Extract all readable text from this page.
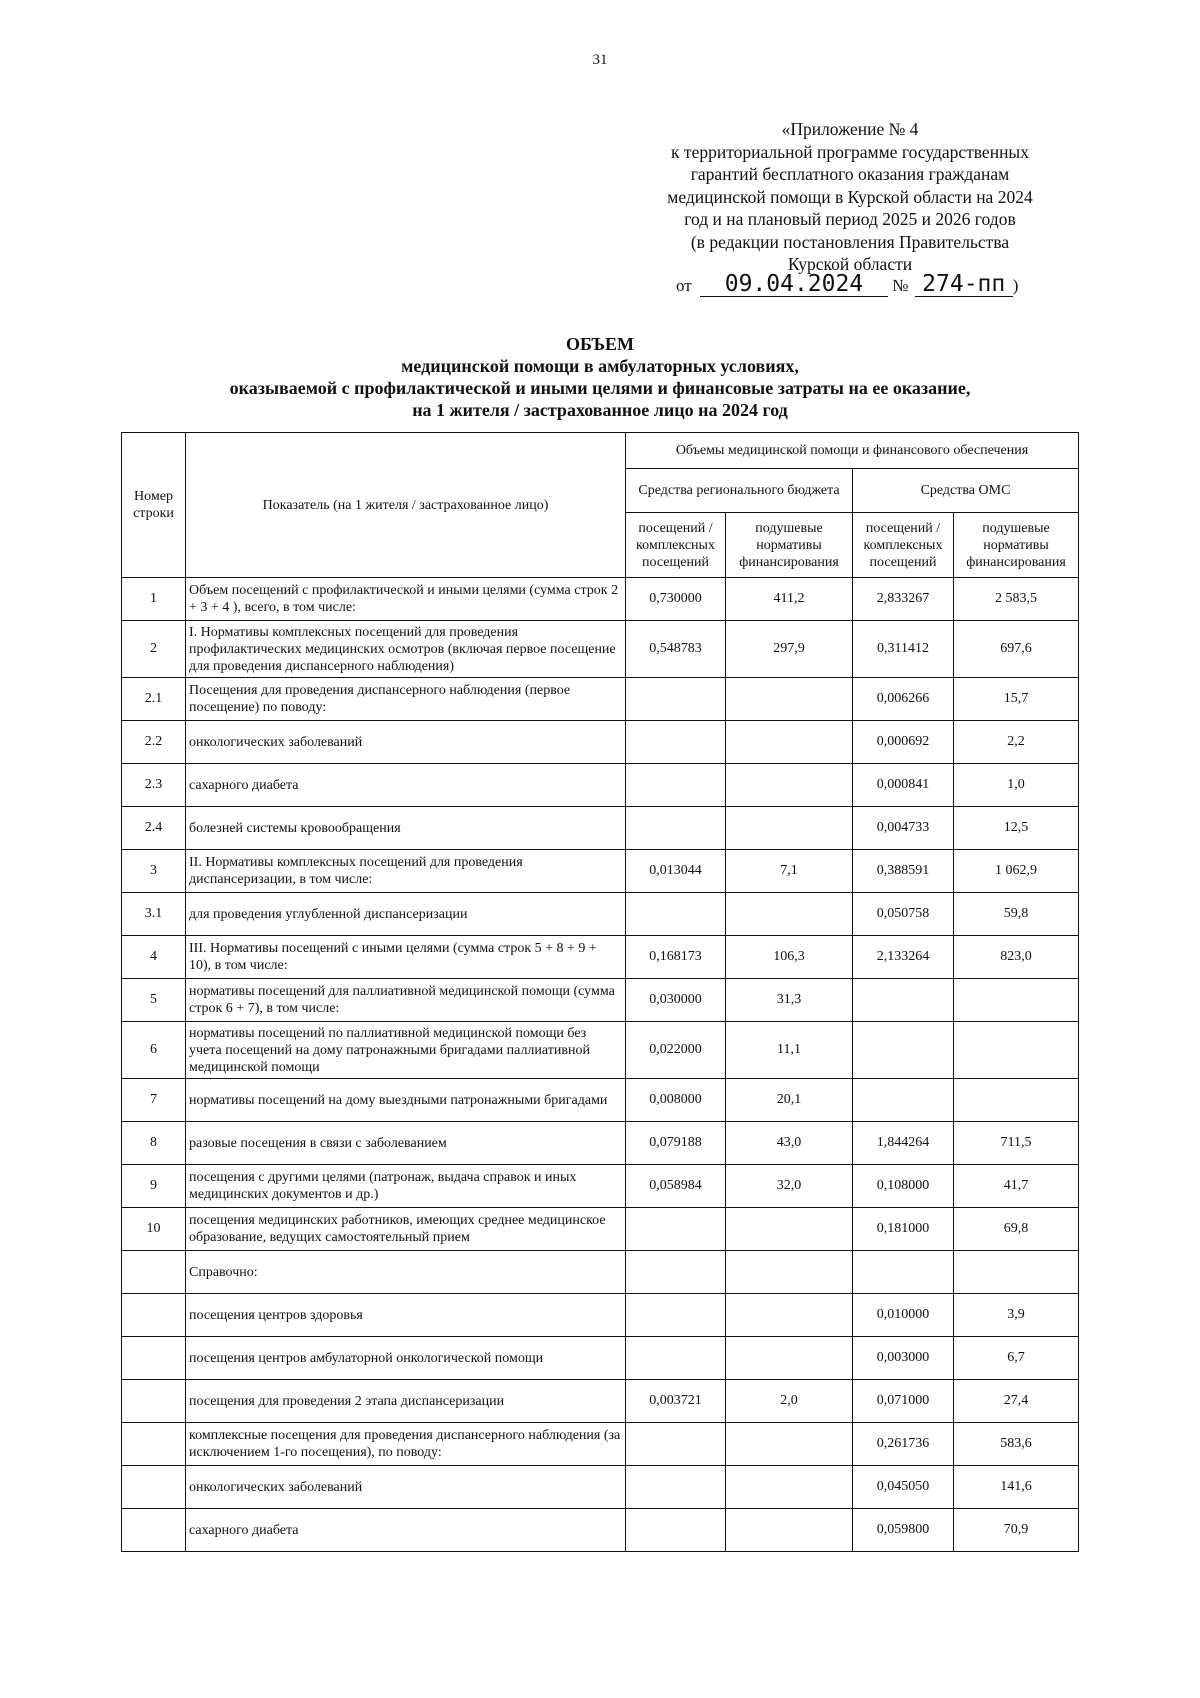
31
«Приложение № 4
к территориальной программе государственных
гарантий бесплатного оказания гражданам
медицинской помощи в Курской области на 2024
год и на плановый период 2025 и 2026 годов
(в редакции постановления Правительства
Курской области
от 09.04.2024 № 274-пп )
ОБЪЕМ
медицинской помощи в амбулаторных условиях,
оказываемой с профилактической и иными целями и финансовые затраты на ее оказание,
на 1 жителя / застрахованное лицо на 2024 год
Номер строки	Показатель (на 1 жителя / застрахованное лицо)	Объемы медицинской помощи и финансового обеспечения			
		Средства регионального бюджета		Средства ОМС	
		посещений / комплексных посещений	подушевые нормативы финансирования	посещений / комплексных посещений	подушевые нормативы финансирования
1	Объем посещений с профилактической и иными целями (сумма строк 2 + 3 + 4 ), всего, в том числе:	0,730000	411,2	2,833267	2 583,5
2	I. Нормативы комплексных посещений для проведения профилактических медицинских осмотров (включая первое посещение для проведения диспансерного наблюдения)	0,548783	297,9	0,311412	697,6
2.1	Посещения для проведения диспансерного наблюдения (первое посещение) по поводу:			0,006266	15,7
2.2	онкологических заболеваний			0,000692	2,2
2.3	сахарного диабета			0,000841	1,0
2.4	болезней системы кровообращения			0,004733	12,5
3	II. Нормативы комплексных посещений для проведения диспансеризации, в том числе:	0,013044	7,1	0,388591	1 062,9
3.1	для проведения углубленной диспансеризации			0,050758	59,8
4	III. Нормативы посещений с иными целями (сумма строк 5 + 8 + 9 + 10), в том числе:	0,168173	106,3	2,133264	823,0
5	нормативы посещений для паллиативной медицинской помощи (сумма строк 6 + 7), в том числе:	0,030000	31,3		
6	нормативы посещений по паллиативной медицинской помощи без учета посещений на дому патронажными бригадами паллиативной медицинской помощи	0,022000	11,1		
7	нормативы посещений на дому выездными патронажными бригадами	0,008000	20,1		
8	разовые посещения в связи с заболеванием	0,079188	43,0	1,844264	711,5
9	посещения с другими целями (патронаж, выдача справок и иных медицинских документов и др.)	0,058984	32,0	0,108000	41,7
10	посещения медицинских работников, имеющих среднее медицинское образование, ведущих самостоятельный прием			0,181000	69,8
	Справочно:				
	посещения центров здоровья			0,010000	3,9
	посещения центров амбулаторной онкологической помощи			0,003000	6,7
	посещения для проведения 2 этапа диспансеризации	0,003721	2,0	0,071000	27,4
	комплексные посещения для проведения диспансерного наблюдения (за исключением 1-го посещения), по поводу:			0,261736	583,6
	онкологических заболеваний			0,045050	141,6
	сахарного диабета			0,059800	70,9
